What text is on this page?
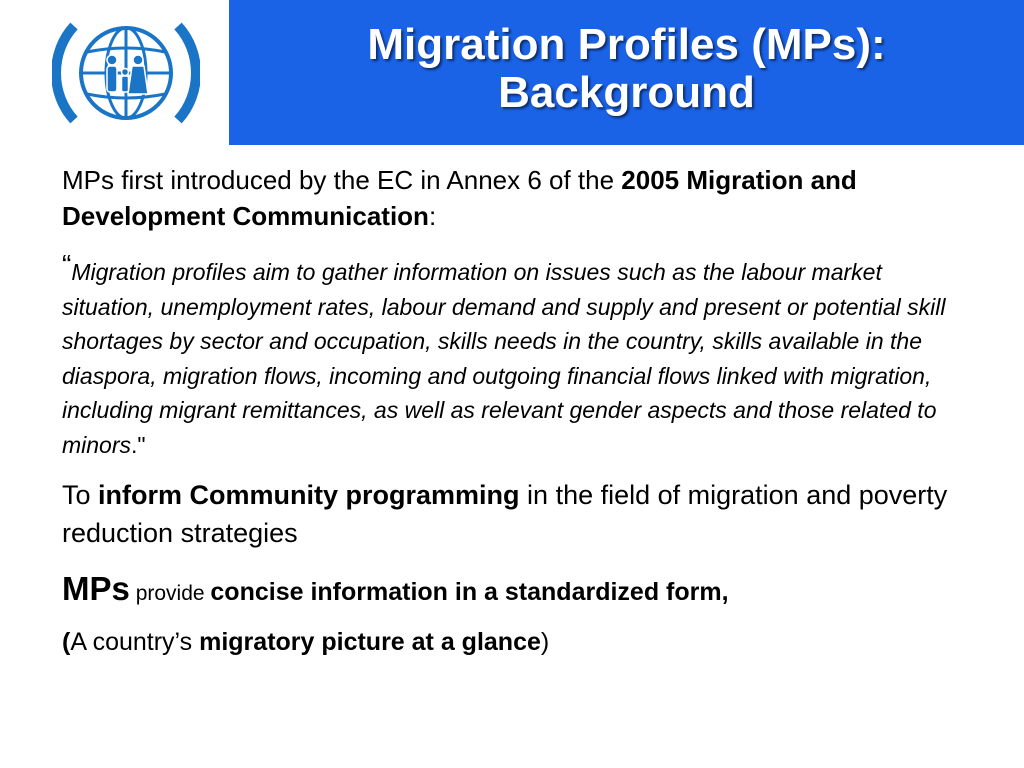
Migration Profiles (MPs):
Background

MPs first introduced by the EC in Annex 6 of the 2005 Migration and Development Communication:

“Migration profiles aim to gather information on issues such as the labour market situation, unemployment rates, labour demand and supply and present or potential skill shortages by sector and occupation, skills needs in the country, skills available in the diaspora, migration flows, incoming and outgoing financial flows linked with migration, including migrant remittances, as well as relevant gender aspects and those related to minors."

To inform Community programming in the field of migration and poverty reduction strategies

MPs provide concise information in a standardized form,

(A country’s migratory picture at a glance)
